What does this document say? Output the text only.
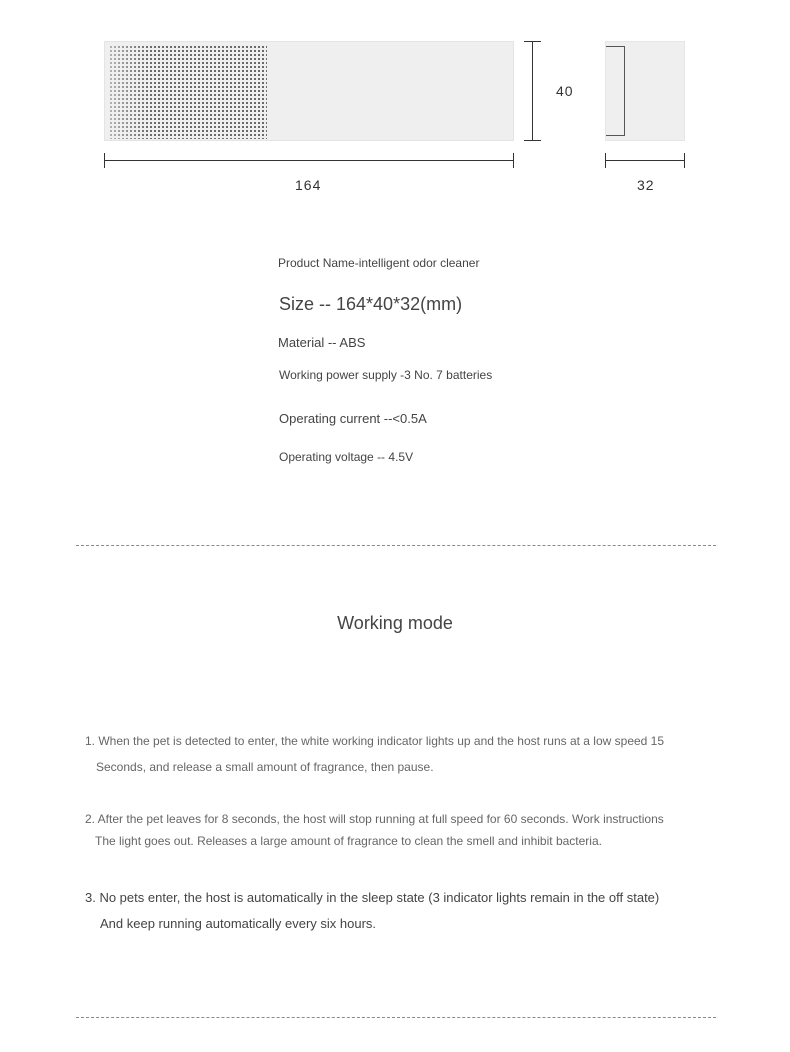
40
164	32
Product Name-intelligent odor cleaner
Size -- 164*40*32(mm)
Material -- ABS
Working power supply -3 No. 7 batteries
Operating current --<0.5A
Operating voltage -- 4.5V
Working mode
1. When the pet is detected to enter, the white working indicator lights up and the host runs at a low speed 15
Seconds, and release a small amount of fragrance, then pause.
2. After the pet leaves for 8 seconds, the host will stop running at full speed for 60 seconds. Work instructions
The light goes out. Releases a large amount of fragrance to clean the smell and inhibit bacteria.
3. No pets enter, the host is automatically in the sleep state (3 indicator lights remain in the off state)
And keep running automatically every six hours.
